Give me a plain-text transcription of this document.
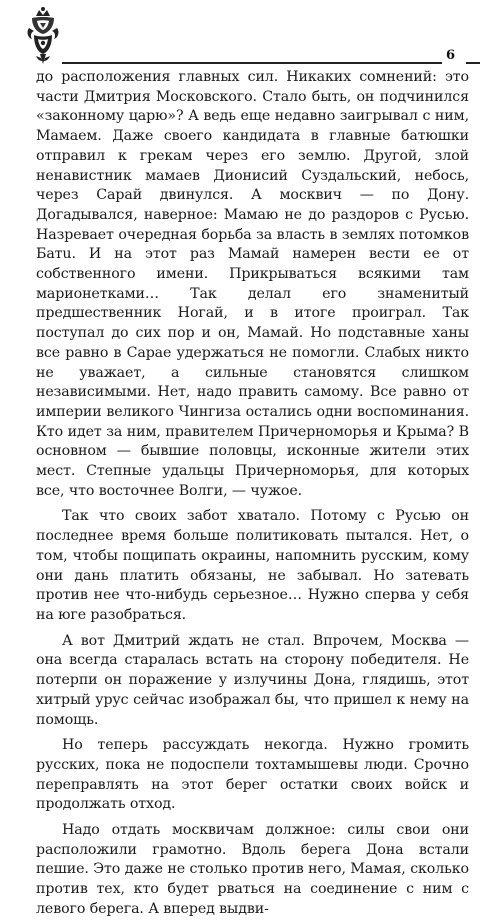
6

до расположения главных сил. Никаких сомнений: это части Дмитрия Московского. Стало быть, он подчинился «законному царю»? А ведь еще недавно заигрывал с ним, Мамаем. Даже своего кандидата в главные батюшки отправил к грекам через его землю. Другой, злой ненавистник мамаев Дионисий Суздальский, небось, через Сарай двинулся. А москвич — по Дону. Догадывался, наверное: Мамаю не до раздоров с Русью. Назревает очередная борьба за власть в землях потомков Батu. И на этот раз Мамай намерен вести ее от собственного имени. Прикрываться всякими там марионетками… Так делал его знаменитый предшественник Ногай, и в итоге проиграл. Так поступал до сих пор и он, Мамай. Но подставные ханы все равно в Сарае удержаться не помогли. Слабых никто не уважает, а сильные становятся слишком независимыми. Нет, надо править самому. Все равно от империи великого Чингиза остались одни воспоминания. Кто идет за ним, правителем Причерноморья и Крыма? В основном — бывшие половцы, исконные жители этих мест. Степные удальцы Причерноморья, для которых все, что восточнее Волги, — чужое.

Так что своих забот хватало. Потому с Русью он последнее время больше политиковать пытался. Нет, о том, чтобы пощипать окраины, напомнить русским, кому они дань платить обязаны, не забывал. Но затевать против нее что-нибудь серьезное… Нужно сперва у себя на юге разобраться.

А вот Дмитрий ждать не стал. Впрочем, Москва — она всегда старалась встать на сторону победителя. Не потерпи он поражение у излучины Дона, глядишь, этот хитрый урус сейчас изображал бы, что пришел к нему на помощь.

Но теперь рассуждать некогда. Нужно громить русских, пока не подоспели тохтамышевы люди. Срочно переправлять на этот берег остатки своих войск и продолжать отход.

Надо отдать москвичам должное: силы свои они расположили грамотно. Вдоль берега Дона встали пешие. Это даже не столько против него, Мамая, сколько против тех, кто будет рваться на соединение с ним с левого берега. А вперед выдви-
